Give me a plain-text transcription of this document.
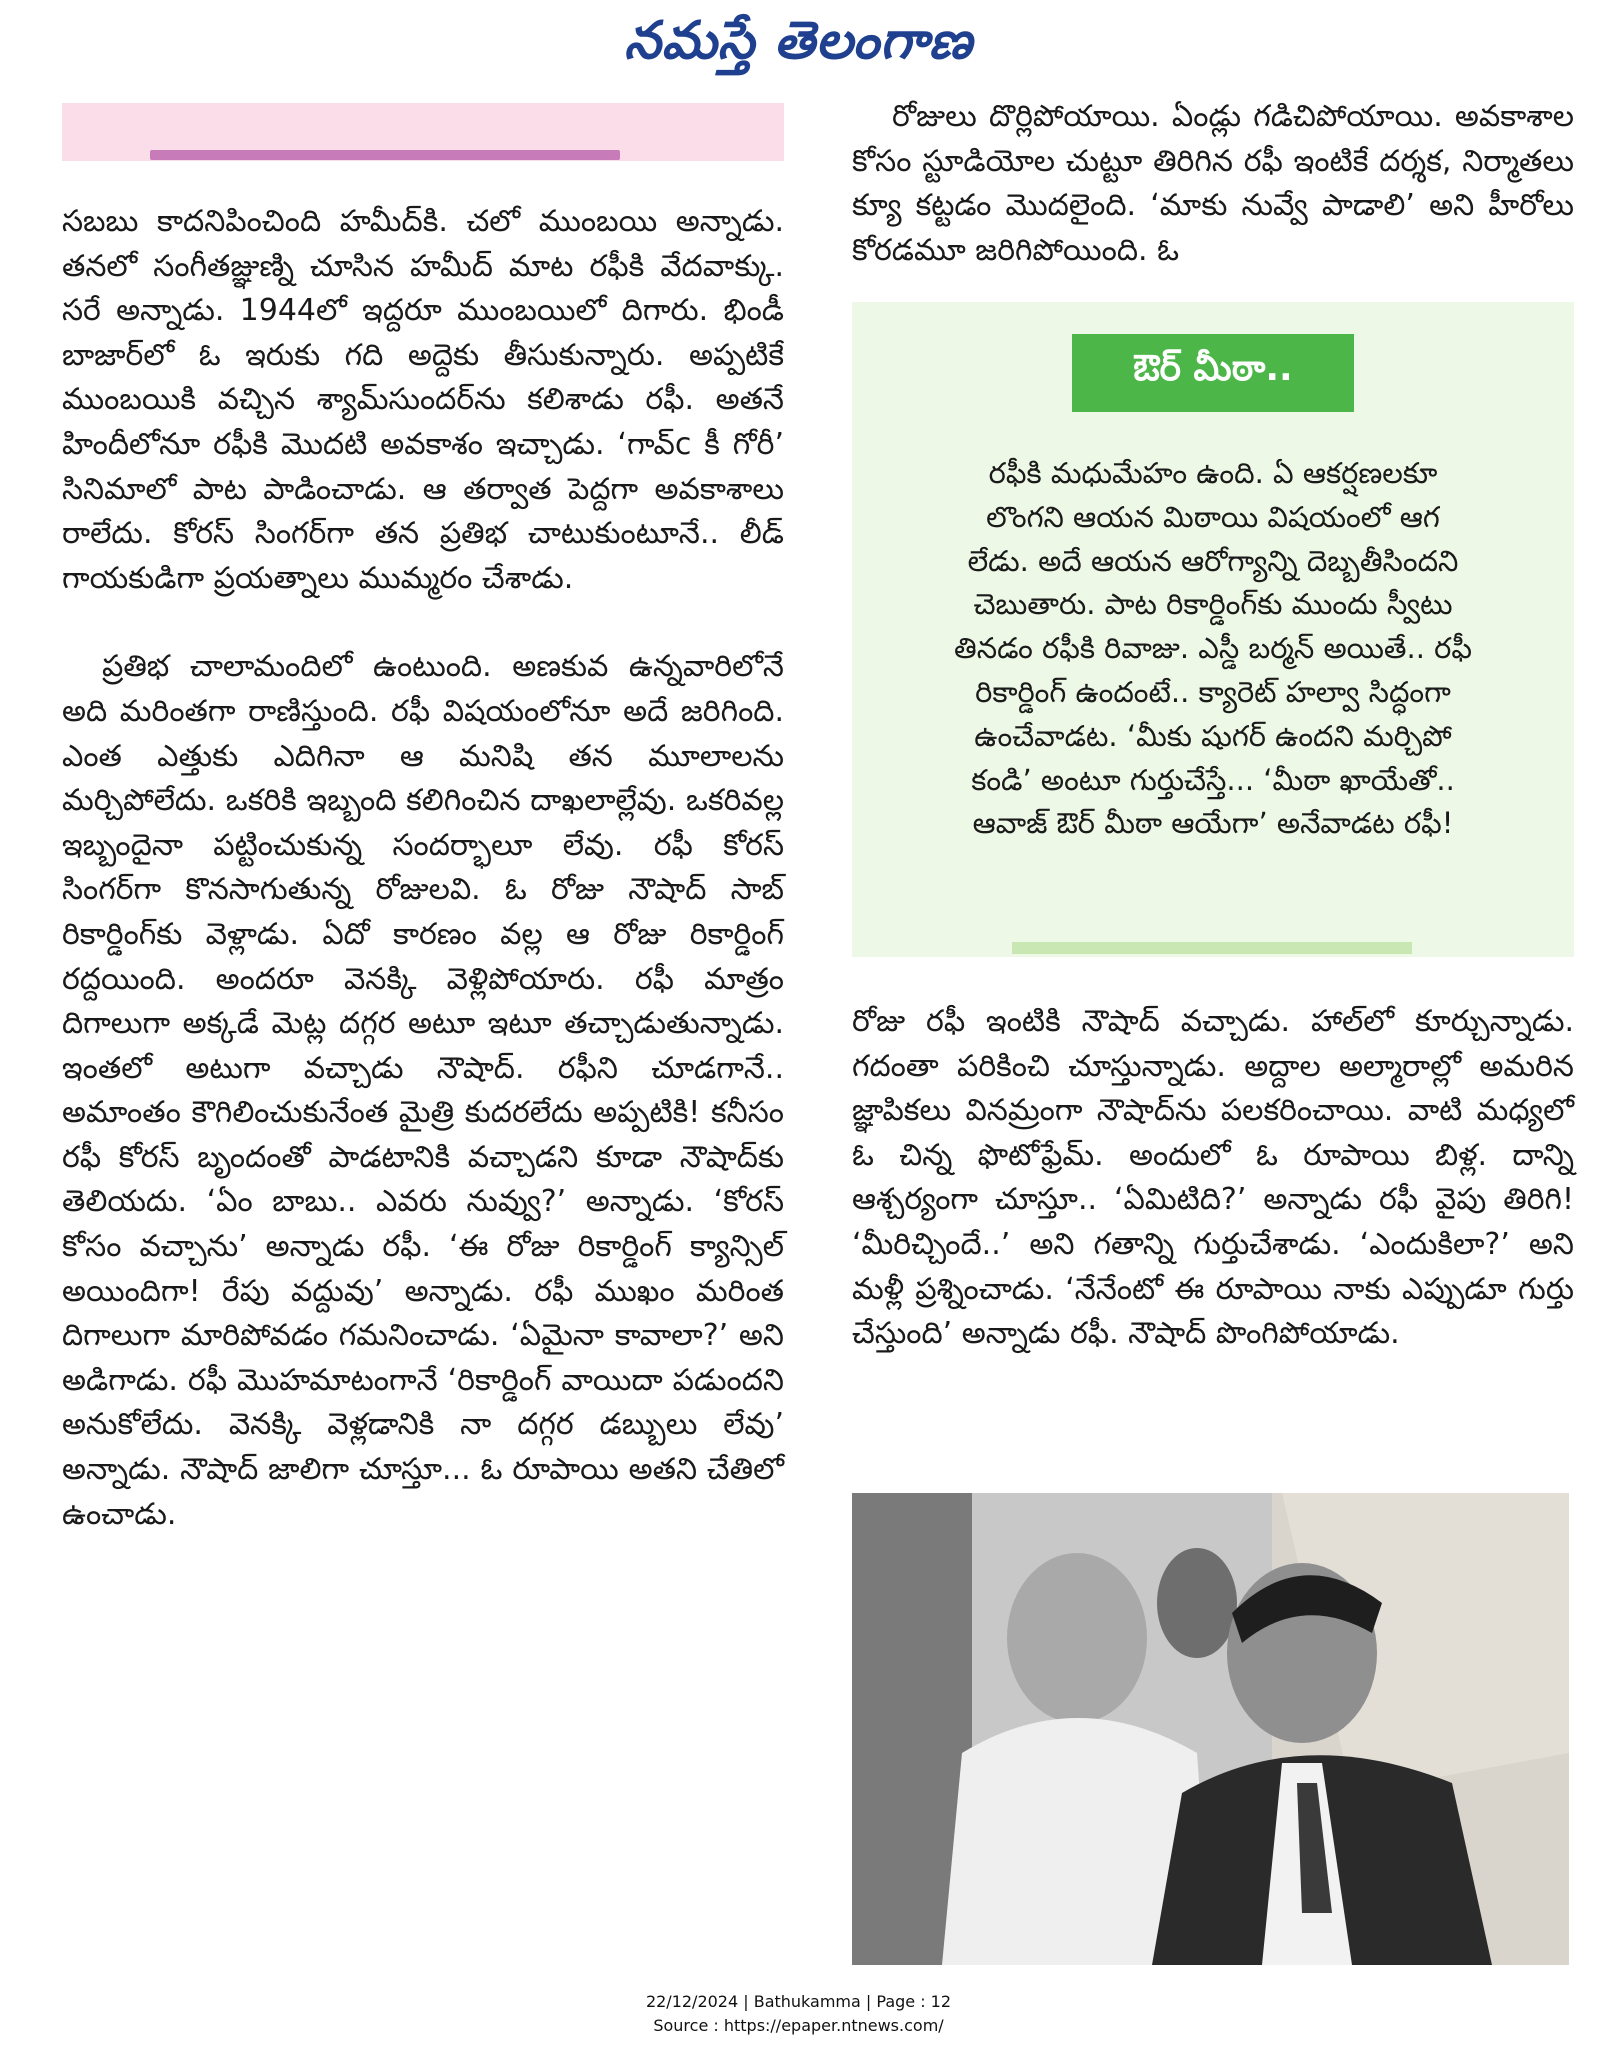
నమస్తే తెలంగాణ

సబబు కాదనిపించింది హమీద్‌కి. చలో ముంబయి అన్నాడు. తనలో సంగీతజ్ఞుణ్ని చూసిన హమీద్ మాట రఫీకి వేదవాక్కు. సరే అన్నాడు. 1944లో ఇద్దరూ ముంబయిలో దిగారు. భిండీ బాజార్‌లో ఓ ఇరుకు గది అద్దెకు తీసుకున్నారు. అప్పటికే ముంబయికి వచ్చిన శ్యామ్‌సుందర్‌ను కలిశాడు రఫీ. అతనే హిందీలోనూ రఫీకి మొదటి అవకాశం ఇచ్చాడు. ‘గావ్c కీ గోరీ’ సినిమాలో పాట పాడించాడు. ఆ తర్వాత పెద్దగా అవకాశాలు రాలేదు. కోరస్ సింగర్‌గా తన ప్రతిభ చాటుకుంటూనే.. లీడ్ గాయకుడిగా ప్రయత్నాలు ముమ్మరం చేశాడు.

ప్రతిభ చాలామందిలో ఉంటుంది. అణకువ ఉన్నవారిలోనే అది మరింతగా రాణిస్తుంది. రఫీ విషయంలోనూ అదే జరిగింది. ఎంత ఎత్తుకు ఎదిగినా ఆ మనిషి తన మూలాలను మర్చిపోలేదు. ఒకరికి ఇబ్బంది కలిగించిన దాఖలాల్లేవు. ఒకరివల్ల ఇబ్బందైనా పట్టించుకున్న సందర్భాలూ లేవు. రఫీ కోరస్ సింగర్‌గా కొనసాగుతున్న రోజులవి. ఓ రోజు నౌషాద్ సాబ్ రికార్డింగ్‌కు వెళ్లాడు. ఏదో కారణం వల్ల ఆ రోజు రికార్డింగ్ రద్దయింది. అందరూ వెనక్కి వెళ్లిపోయారు. రఫీ మాత్రం దిగాలుగా అక్కడే మెట్ల దగ్గర అటూ ఇటూ తచ్చాడుతున్నాడు. ఇంతలో అటుగా వచ్చాడు నౌషాద్. రఫీని చూడగానే.. అమాంతం కౌగిలించుకునేంత మైత్రి కుదరలేదు అప్పటికి! కనీసం రఫీ కోరస్ బృందంతో పాడటానికి వచ్చాడని కూడా నౌషాద్‌కు తెలియదు. ‘ఏం బాబు.. ఎవరు నువ్వు?’ అన్నాడు. ‘కోరస్ కోసం వచ్చాను’ అన్నాడు రఫీ. ‘ఈ రోజు రికార్డింగ్ క్యాన్సిల్ అయిందిగా! రేపు వద్దువు’ అన్నాడు. రఫీ ముఖం మరింత దిగాలుగా మారిపోవడం గమనించాడు. ‘ఏమైనా కావాలా?’ అని అడిగాడు. రఫీ మొహమాటంగానే ‘రికార్డింగ్ వాయిదా పడుందని అనుకోలేదు. వెనక్కి వెళ్లడానికి నా దగ్గర డబ్బులు లేవు’ అన్నాడు. నౌషాద్ జాలిగా చూస్తూ... ఓ రూపాయి అతని చేతిలో ఉంచాడు.

రోజులు దొర్లిపోయాయి. ఏండ్లు గడిచిపోయాయి. అవకాశాల కోసం స్టూడియోల చుట్టూ తిరిగిన రఫీ ఇంటికే దర్శక, నిర్మాతలు క్యూ కట్టడం మొదలైంది. ‘మాకు నువ్వే పాడాలి’ అని హీరోలు కోరడమూ జరిగిపోయింది. ఓ

ఔర్ మీఠా..

రఫీకి మధుమేహం ఉంది. ఏ ఆకర్షణలకూ

లొంగని ఆయన మిఠాయి విషయంలో ఆగ

లేడు. అదే ఆయన ఆరోగ్యాన్ని దెబ్బతీసిందని

చెబుతారు. పాట రికార్డింగ్‌కు ముందు స్వీటు

తినడం రఫీకి రివాజు. ఎస్డీ బర్మన్ అయితే.. రఫీ

రికార్డింగ్ ఉందంటే.. క్యారెట్ హల్వా సిద్ధంగా

ఉంచేవాడట. ‘మీకు షుగర్ ఉందని మర్చిపో

కండి’ అంటూ గుర్తుచేస్తే... ‘మీఠా ఖాయేతో..

ఆవాజ్ ఔర్ మీఠా ఆయేగా’ అనేవాడట రఫీ!

రోజు రఫీ ఇంటికి నౌషాద్ వచ్చాడు. హాల్‌లో కూర్చున్నాడు. గదంతా పరికించి చూస్తున్నాడు. అద్దాల అల్మారాల్లో అమరిన జ్ఞాపికలు వినమ్రంగా నౌషాద్‌ను పలకరించాయి. వాటి మధ్యలో ఓ చిన్న ఫొటోఫ్రేమ్. అందులో ఓ రూపాయి బిళ్ల. దాన్ని ఆశ్చర్యంగా చూస్తూ.. ‘ఏమిటిది?’ అన్నాడు రఫీ వైపు తిరిగి! ‘మీరిచ్చిందే..’ అని గతాన్ని గుర్తుచేశాడు. ‘ఎందుకిలా?’ అని మళ్లీ ప్రశ్నించాడు. ‘నేనేంటో ఈ రూపాయి నాకు ఎప్పుడూ గుర్తు చేస్తుంది’ అన్నాడు రఫీ. నౌషాద్ పొంగిపోయాడు.

22/12/2024 | Bathukamma | Page : 12
Source : https://epaper.ntnews.com/
